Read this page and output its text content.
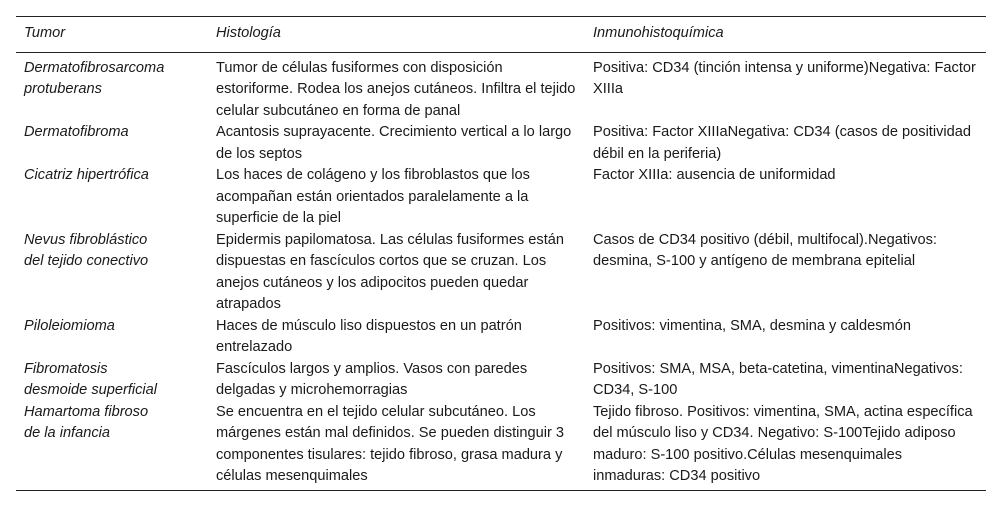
Tumor	Histología	Inmunohistoquímica
Dermatofibrosarcoma
protuberans	Tumor de células fusiformes con disposición estoriforme. Rodea los anejos cutáneos. Infiltra el tejido celular subcutáneo en forma de panal	Positiva: CD34 (tinción intensa y uniforme)Negativa: Factor XIIIa
Dermatofibroma	Acantosis suprayacente. Crecimiento vertical a lo largo de los septos	Positiva: Factor XIIIaNegativa: CD34 (casos de positividad débil en la periferia)
Cicatriz hipertrófica	Los haces de colágeno y los fibroblastos que los acompañan están orientados paralelamente a la superficie de la piel	Factor XIIIa: ausencia de uniformidad
Nevus fibroblástico
del tejido conectivo	Epidermis papilomatosa. Las células fusiformes están dispuestas en fascículos cortos que se cruzan. Los anejos cutáneos y los adipocitos pueden quedar atrapados	Casos de CD34 positivo (débil, multifocal).Negativos: desmina, S-100 y antígeno de membrana epitelial
Piloleiomioma	Haces de músculo liso dispuestos en un patrón entrelazado	Positivos: vimentina, SMA, desmina y caldesmón
Fibromatosis
desmoide superficial	Fascículos largos y amplios. Vasos con paredes delgadas y microhemorragias	Positivos: SMA, MSA, beta-catetina, vimentinaNegativos: CD34, S-100
Hamartoma fibroso
de la infancia	Se encuentra en el tejido celular subcutáneo. Los márgenes están mal definidos. Se pueden distinguir 3 componentes tisulares: tejido fibroso, grasa madura y células mesenquimales	Tejido fibroso. Positivos: vimentina, SMA, actina específica del músculo liso y CD34. Negativo: S-100Tejido adiposo maduro: S-100 positivo.Células mesenquimales inmaduras: CD34 positivo
